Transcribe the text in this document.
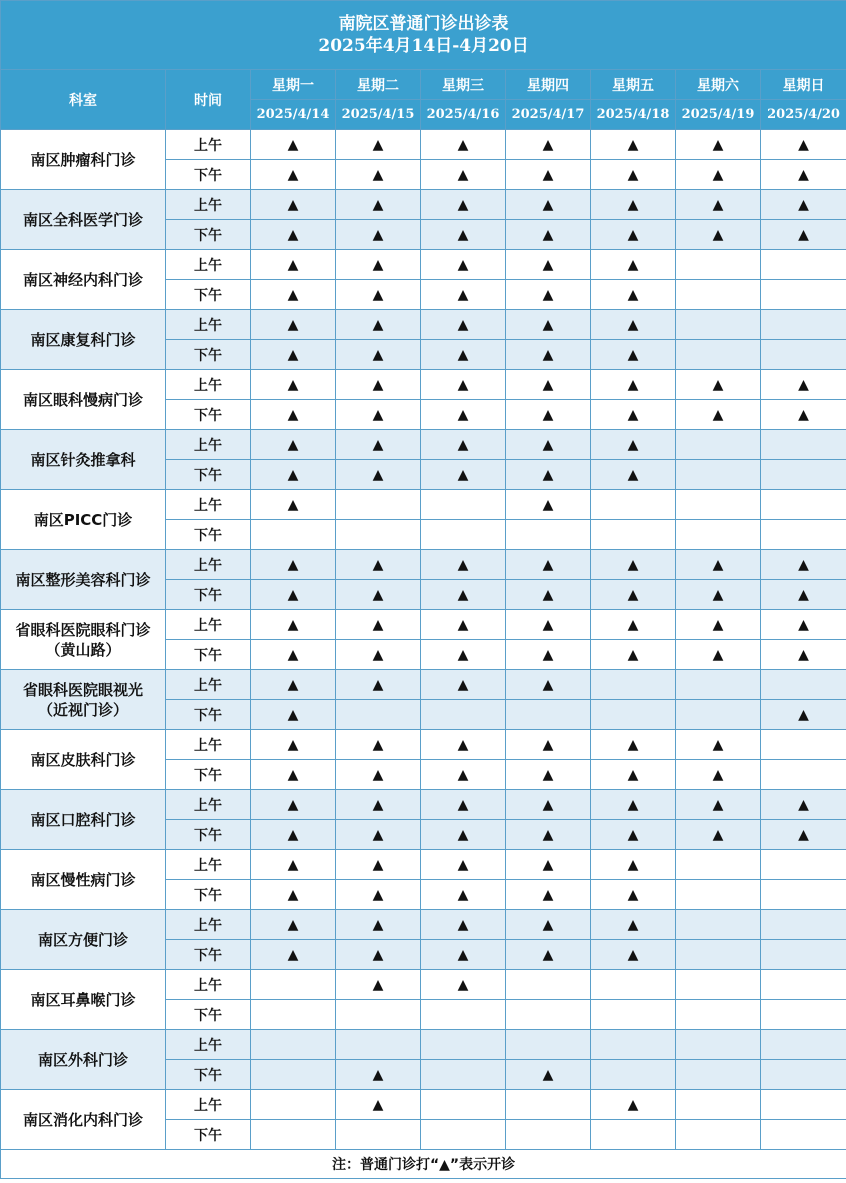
南院区普通门诊出诊表
2025年4月14日-4月20日								

科室	时间	星期一	星期二	星期三	星期四	星期五	星期六	星期日
		2025/4/14	2025/4/15	2025/4/16	2025/4/17	2025/4/18	2025/4/19	2025/4/20

南区肿瘤科门诊	上午	▲	▲	▲	▲	▲	▲	▲
	下午	▲	▲	▲	▲	▲	▲	▲

南区全科医学门诊	上午	▲	▲	▲	▲	▲	▲	▲
	下午	▲	▲	▲	▲	▲	▲	▲

南区神经内科门诊	上午	▲	▲	▲	▲	▲		
	下午	▲	▲	▲	▲	▲		

南区康复科门诊	上午	▲	▲	▲	▲	▲		
	下午	▲	▲	▲	▲	▲		

南区眼科慢病门诊	上午	▲	▲	▲	▲	▲	▲	▲
	下午	▲	▲	▲	▲	▲	▲	▲

南区针灸推拿科	上午	▲	▲	▲	▲	▲		
	下午	▲	▲	▲	▲	▲		

南区PICC门诊	上午	▲			▲			
	下午							

南区整形美容科门诊	上午	▲	▲	▲	▲	▲	▲	▲
	下午	▲	▲	▲	▲	▲	▲	▲

省眼科医院眼科门诊
（黄山路）	上午	▲	▲	▲	▲	▲	▲	▲
	下午	▲	▲	▲	▲	▲	▲	▲

省眼科医院眼视光
（近视门诊）	上午	▲	▲	▲	▲			
	下午	▲						▲

南区皮肤科门诊	上午	▲	▲	▲	▲	▲	▲	
	下午	▲	▲	▲	▲	▲	▲	

南区口腔科门诊	上午	▲	▲	▲	▲	▲	▲	▲
	下午	▲	▲	▲	▲	▲	▲	▲

南区慢性病门诊	上午	▲	▲	▲	▲	▲		
	下午	▲	▲	▲	▲	▲		

南区方便门诊	上午	▲	▲	▲	▲	▲		
	下午	▲	▲	▲	▲	▲		

南区耳鼻喉门诊	上午		▲	▲				
	下午							

南区外科门诊	上午							
	下午		▲		▲			

南区消化内科门诊	上午		▲			▲		
	下午							
注：普通门诊打“▲”表示开诊								
